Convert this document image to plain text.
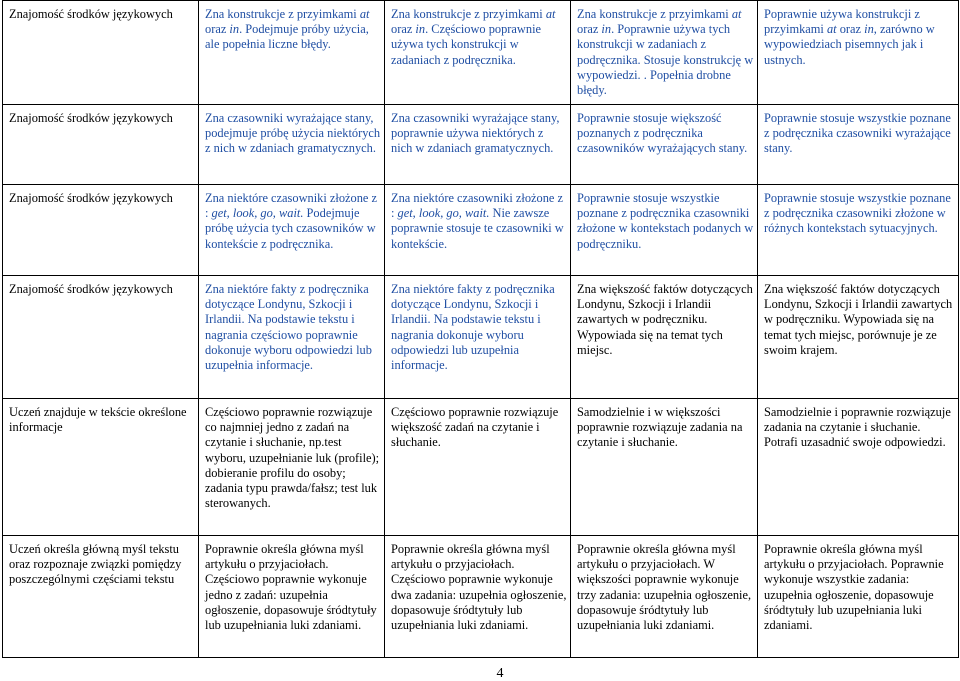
Znajomość środków językowych	Zna konstrukcje z przyimkami at oraz in. Podejmuje próby użycia, ale popełnia liczne błędy.	Zna konstrukcje z przyimkami at oraz in. Częściowo poprawnie używa tych konstrukcji w zadaniach z podręcznika.	Zna konstrukcje z przyimkami at oraz in. Poprawnie używa tych konstrukcji w zadaniach z podręcznika. Stosuje konstrukcję w wypowiedzi. . Popełnia drobne błędy.	Poprawnie używa konstrukcji z przyimkami at oraz in, zarówno w wypowiedziach pisemnych jak i ustnych.
Znajomość środków językowych	Zna czasowniki wyrażające stany, podejmuje próbę użycia niektórych z nich w zdaniach gramatycznych.	Zna czasowniki wyrażające stany, poprawnie używa niektórych z nich w zdaniach gramatycznych.	Poprawnie stosuje większość poznanych z podręcznika czasowników wyrażających stany.	Poprawnie stosuje wszystkie poznane z podręcznika czasowniki wyrażające stany.
Znajomość środków językowych	Zna niektóre czasowniki złożone z : get, look, go, wait. Podejmuje próbę użycia tych czasowników w kontekście z podręcznika.	Zna niektóre czasowniki złożone z : get, look, go, wait. Nie zawsze poprawnie stosuje te czasowniki w kontekście.	Poprawnie stosuje wszystkie poznane z podręcznika czasowniki złożone w kontekstach podanych w podręczniku.	Poprawnie stosuje wszystkie poznane z podręcznika czasowniki złożone w różnych kontekstach sytuacyjnych.
Znajomość środków językowych	Zna niektóre fakty z podręcznika dotyczące Londynu, Szkocji i Irlandii. Na podstawie tekstu i nagrania częściowo poprawnie dokonuje wyboru odpowiedzi lub uzupełnia informacje.	Zna niektóre fakty z podręcznika dotyczące Londynu, Szkocji i Irlandii. Na podstawie tekstu i nagrania dokonuje wyboru odpowiedzi lub uzupełnia informacje.	Zna większość faktów dotyczących Londynu, Szkocji i Irlandii zawartych w podręczniku. Wypowiada się na temat tych miejsc.	Zna większość faktów dotyczących Londynu, Szkocji i Irlandii zawartych w podręczniku. Wypowiada się na temat tych miejsc, porównuje je ze swoim krajem.
Uczeń znajduje w tekście określone informacje	Częściowo poprawnie rozwiązuje co najmniej jedno z zadań na czytanie i słuchanie, np.test wyboru, uzupełnianie luk (profile); dobieranie profilu do osoby; zadania typu prawda/fałsz; test luk sterowanych.	Częściowo poprawnie rozwiązuje większość zadań na czytanie i słuchanie.	Samodzielnie i w większości poprawnie rozwiązuje zadania na czytanie i słuchanie.	Samodzielnie i poprawnie rozwiązuje zadania na czytanie i słuchanie. Potrafi uzasadnić swoje odpowiedzi.
Uczeń określa główną myśl tekstu oraz rozpoznaje związki pomiędzy poszczególnymi częściami tekstu	Poprawnie określa główna myśl artykułu o przyjaciołach. Częściowo poprawnie wykonuje jedno z zadań: uzupełnia ogłoszenie, dopasowuje śródtytuły lub uzupełniania luki zdaniami.	Poprawnie określa główna myśl artykułu o przyjaciołach. Częściowo poprawnie wykonuje dwa zadania: uzupełnia ogłoszenie, dopasowuje śródtytuły lub uzupełniania luki zdaniami.	Poprawnie określa główna myśl artykułu o przyjaciołach. W większości poprawnie wykonuje trzy zadania: uzupełnia ogłoszenie, dopasowuje śródtytuły lub uzupełniania luki zdaniami.	Poprawnie określa główna myśl artykułu o przyjaciołach. Poprawnie wykonuje wszystkie zadania: uzupełnia ogłoszenie, dopasowuje śródtytuły lub uzupełniania luki zdaniami.
4
